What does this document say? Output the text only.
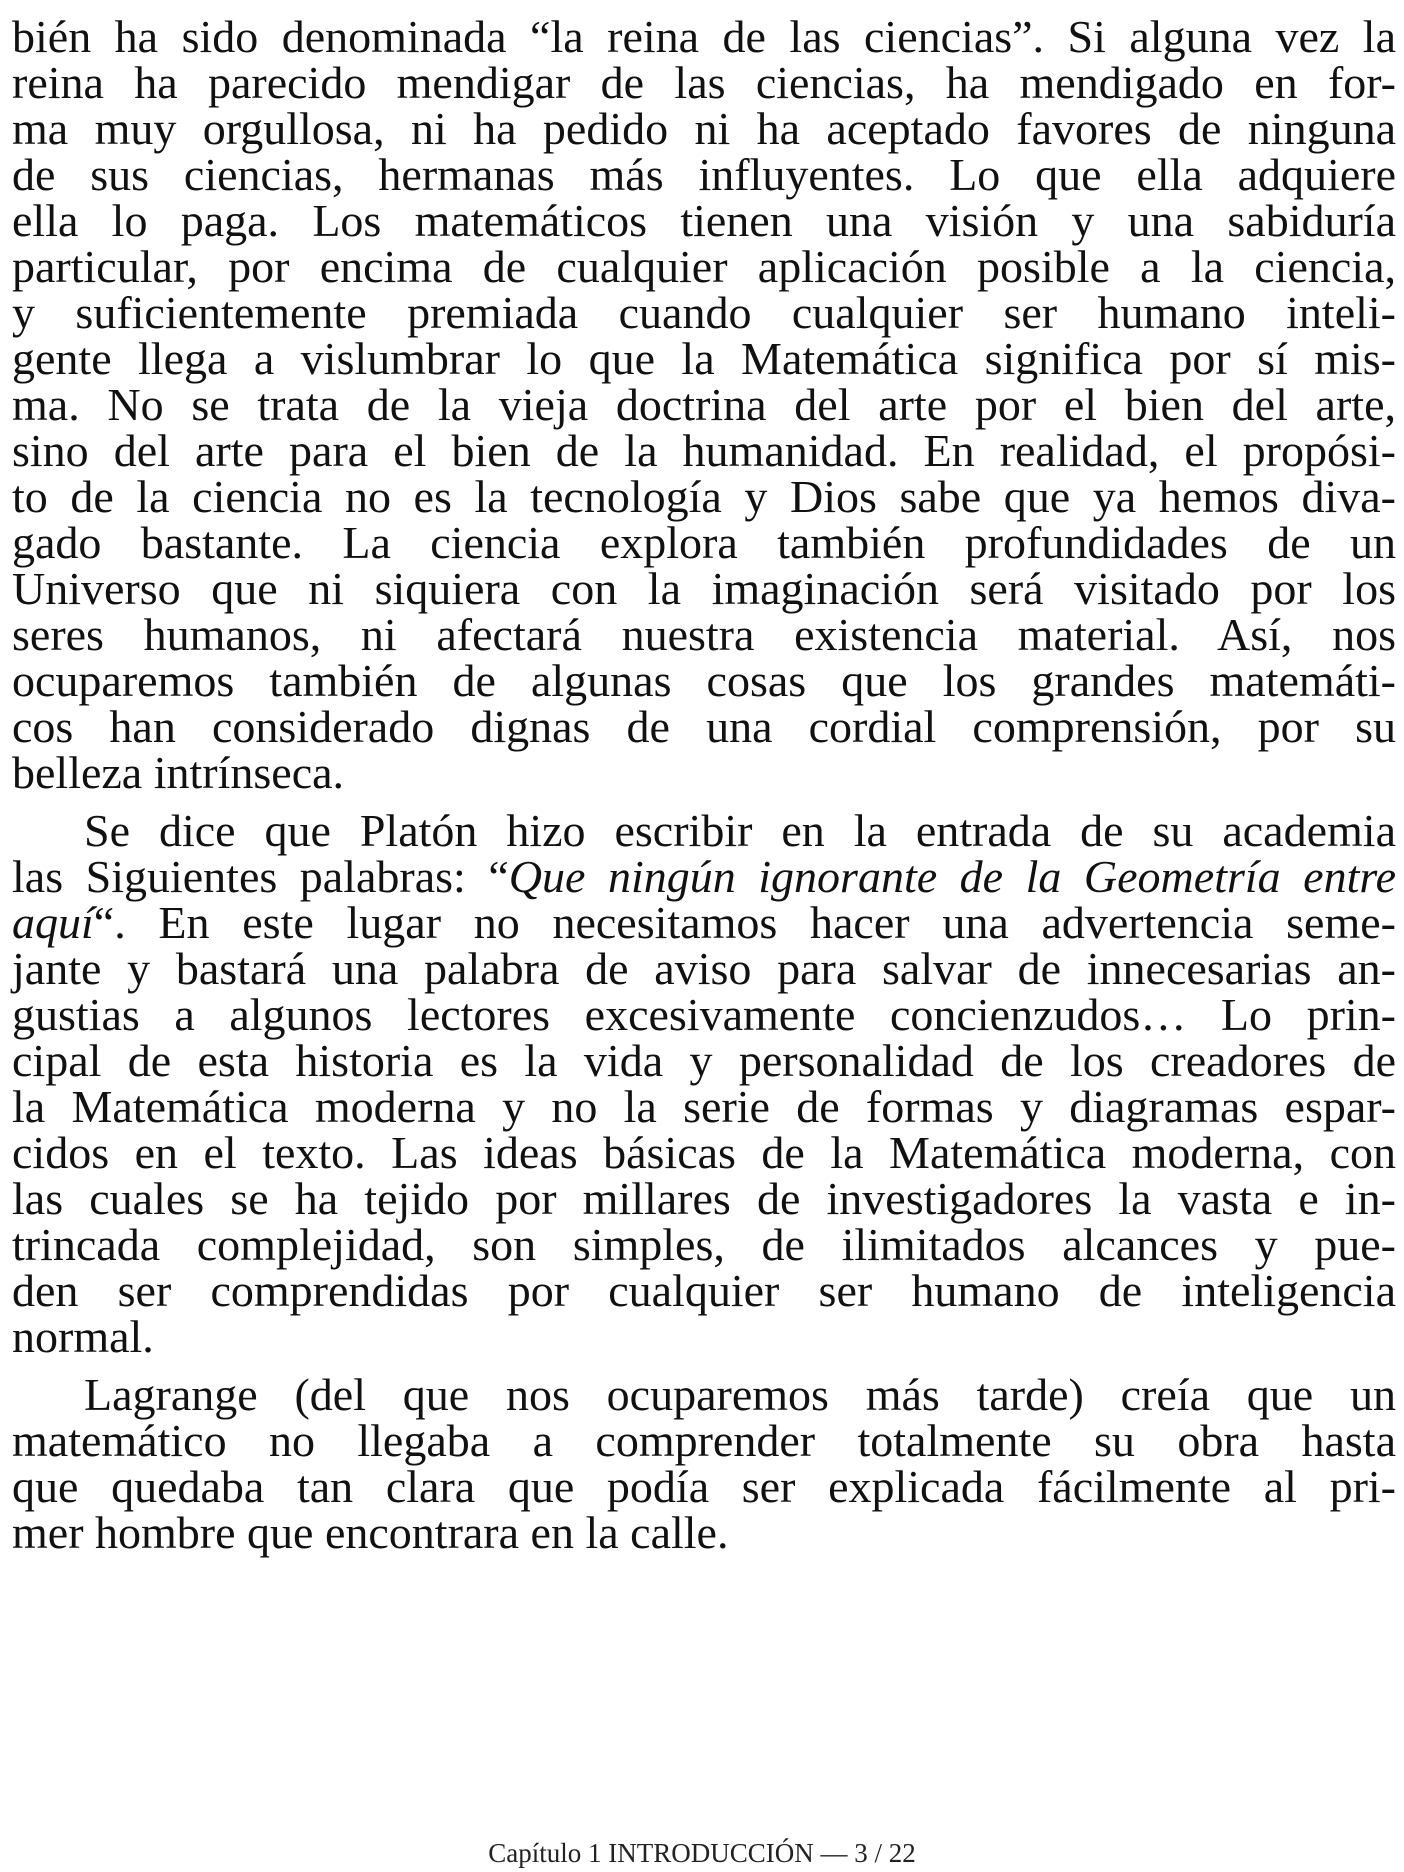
bién ha sido denominada “la reina de las ciencias”. Si alguna vez la
reina ha parecido mendigar de las ciencias, ha mendigado en for-
ma muy orgullosa, ni ha pedido ni ha aceptado favores de ninguna
de sus ciencias, hermanas más influyentes. Lo que ella adquiere
ella lo paga. Los matemáticos tienen una visión y una sabiduría
particular, por encima de cualquier aplicación posible a la ciencia,
y suficientemente premiada cuando cualquier ser humano inteli-
gente llega a vislumbrar lo que la Matemática significa por sí mis-
ma. No se trata de la vieja doctrina del arte por el bien del arte,
sino del arte para el bien de la humanidad. En realidad, el propósi-
to de la ciencia no es la tecnología y Dios sabe que ya hemos diva-
gado bastante. La ciencia explora también profundidades de un
Universo que ni siquiera con la imaginación será visitado por los
seres humanos, ni afectará nuestra existencia material. Así, nos
ocuparemos también de algunas cosas que los grandes matemáti-
cos han considerado dignas de una cordial comprensión, por su
belleza intrínseca.

Se dice que Platón hizo escribir en la entrada de su academia
las Siguientes palabras: “Que ningún ignorante de la Geometría entre
aquí“. En este lugar no necesitamos hacer una advertencia seme-
jante y bastará una palabra de aviso para salvar de innecesarias an-
gustias a algunos lectores excesivamente concienzudos… Lo prin-
cipal de esta historia es la vida y personalidad de los creadores de
la Matemática moderna y no la serie de formas y diagramas espar-
cidos en el texto. Las ideas básicas de la Matemática moderna, con
las cuales se ha tejido por millares de investigadores la vasta e in-
trincada complejidad, son simples, de ilimitados alcances y pue-
den ser comprendidas por cualquier ser humano de inteligencia
normal.

Lagrange (del que nos ocuparemos más tarde) creía que un
matemático no llegaba a comprender totalmente su obra hasta
que quedaba tan clara que podía ser explicada fácilmente al pri-
mer hombre que encontrara en la calle.

Capítulo 1 INTRODUCCIÓN — 3 / 22
